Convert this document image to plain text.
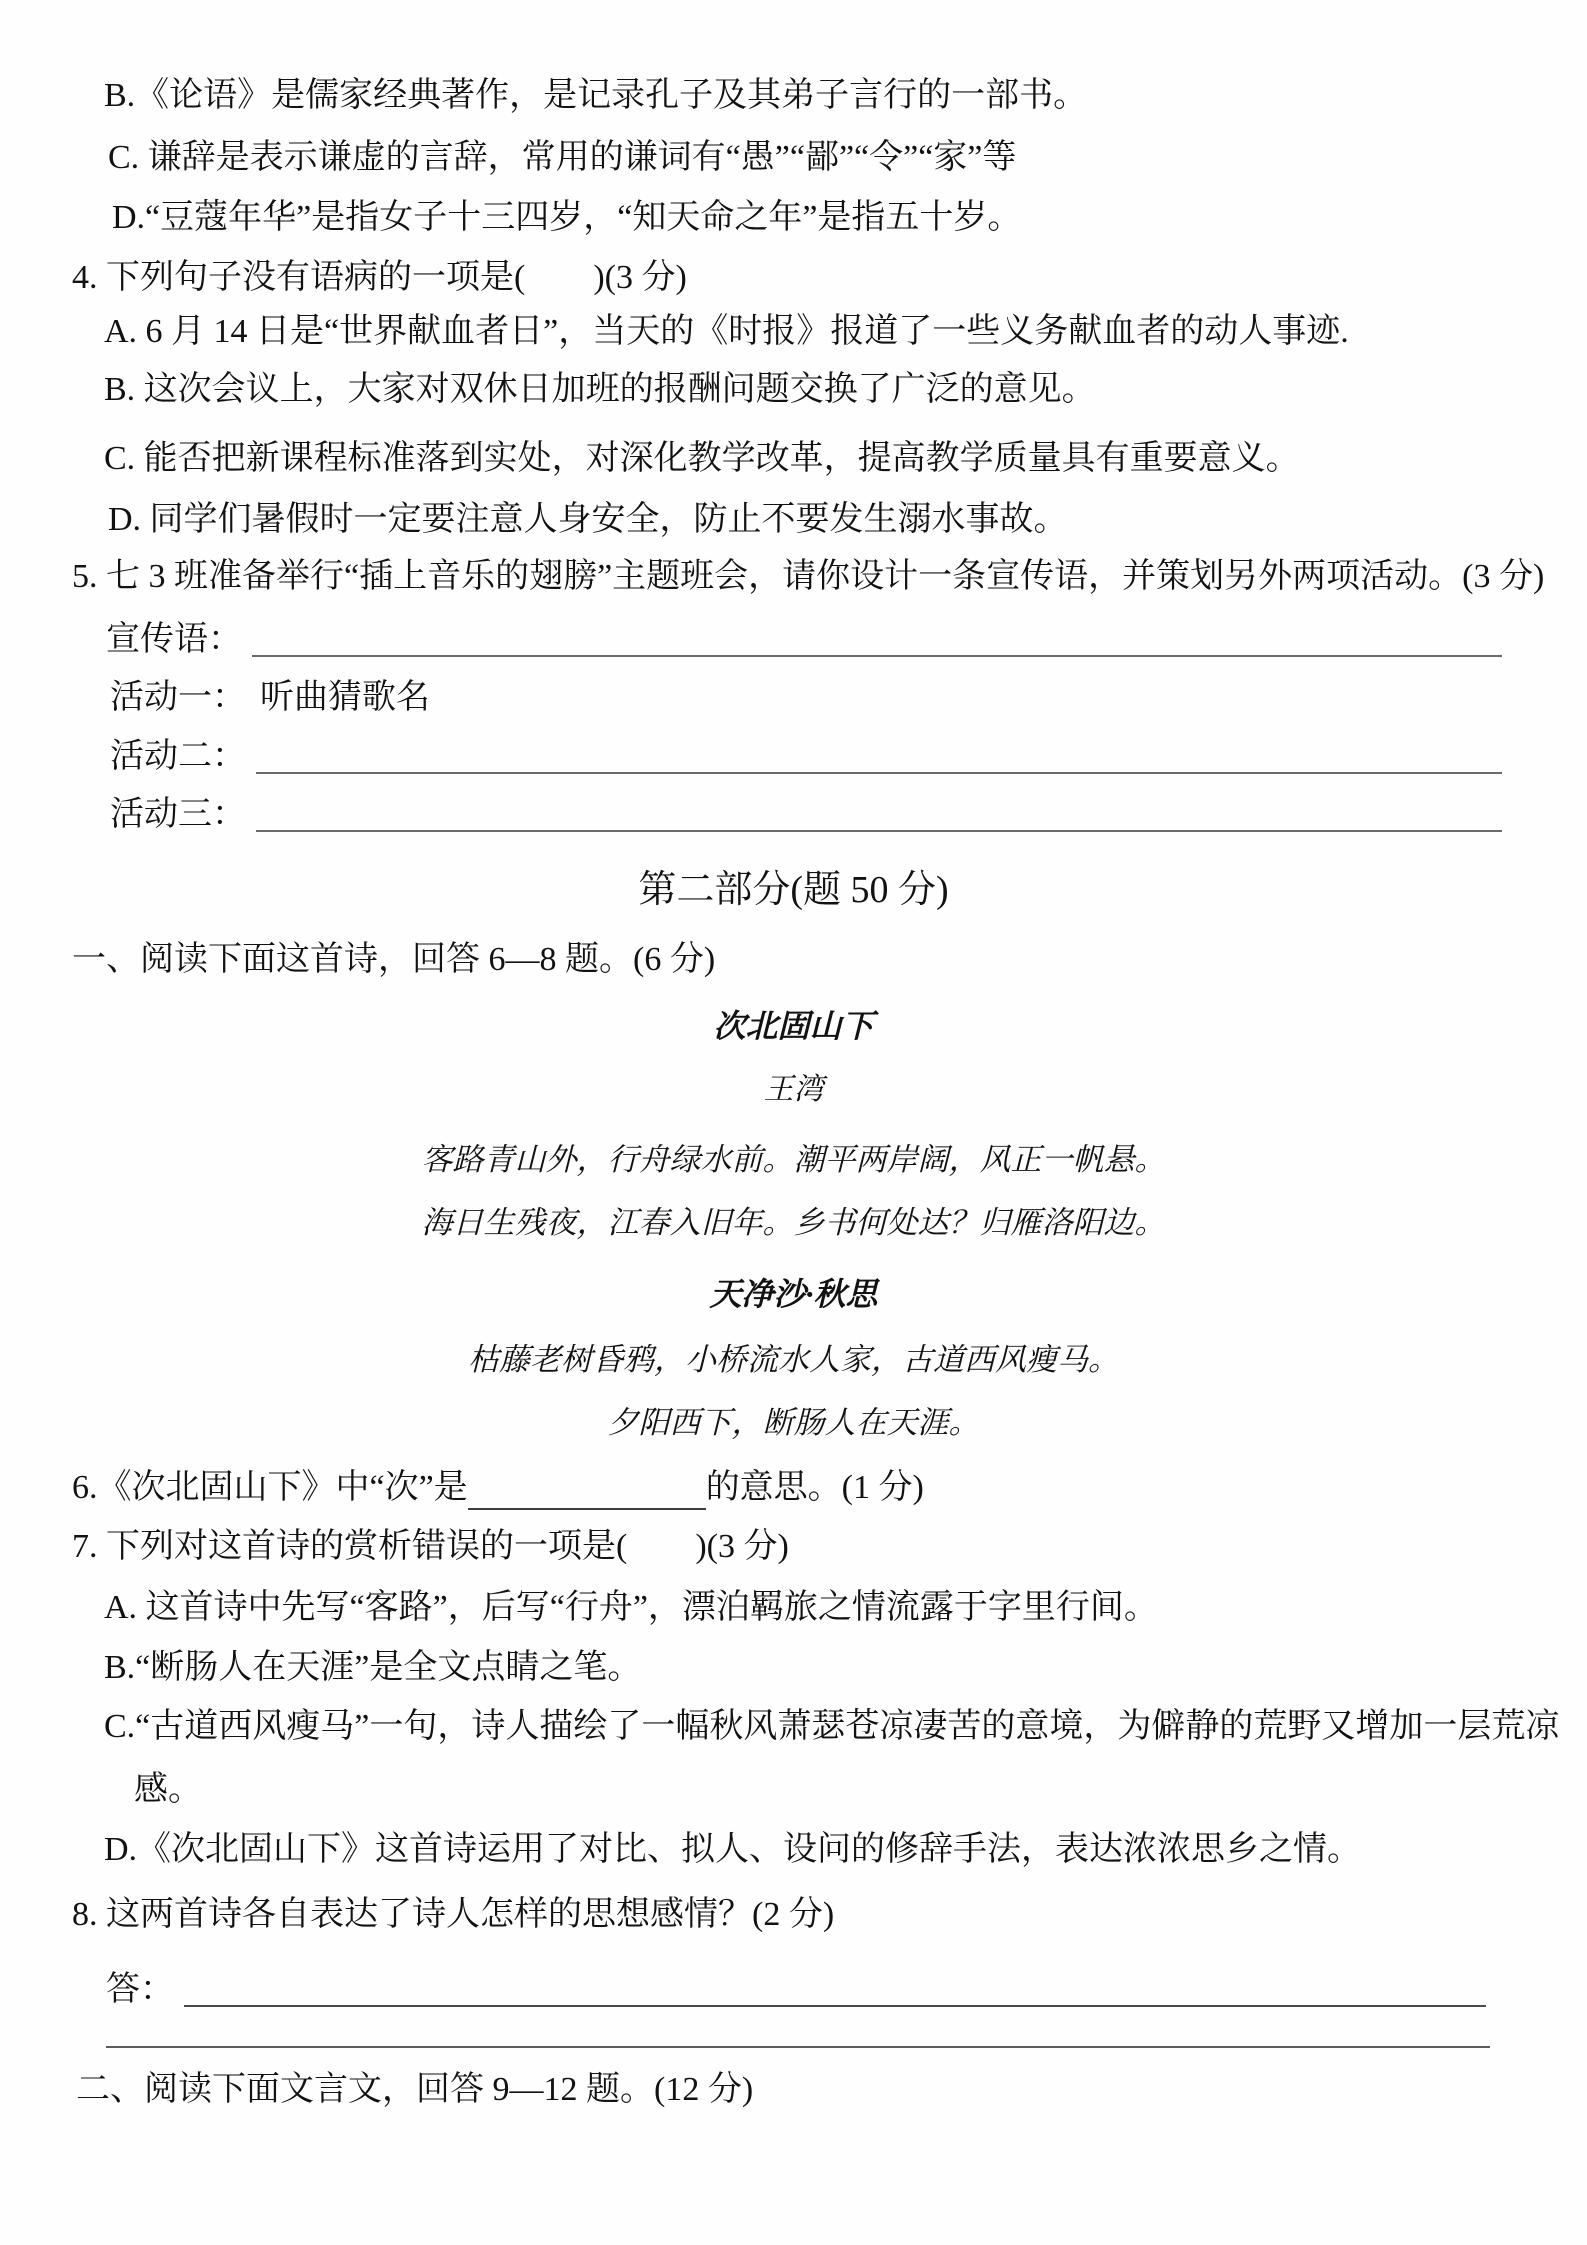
B.《论语》是儒家经典著作，是记录孔子及其弟子言行的一部书。
C. 谦辞是表示谦虚的言辞，常用的谦词有“愚”“鄙”“令”“家”等
D.“豆蔻年华”是指女子十三四岁，“知天命之年”是指五十岁。
4. 下列句子没有语病的一项是(　　)(3 分)
A. 6 月 14 日是“世界献血者日”，当天的《时报》报道了一些义务献血者的动人事迹.
B. 这次会议上，大家对双休日加班的报酬问题交换了广泛的意见。
C. 能否把新课程标准落到实处，对深化教学改革，提高教学质量具有重要意义。
D. 同学们暑假时一定要注意人身安全，防止不要发生溺水事故。
5. 七 3 班准备举行“插上音乐的翅膀”主题班会，请你设计一条宣传语，并策划另外两项活动。(3 分)
宣传语：
活动一： 听曲猜歌名
活动二：
活动三：
第二部分(题 50 分)
一、阅读下面这首诗，回答 6—8 题。(6 分)
次北固山下
王湾
客路青山外，行舟绿水前。潮平两岸阔，风正一帆悬。
海日生残夜，江春入旧年。乡书何处达？归雁洛阳边。
天净沙·秋思
枯藤老树昏鸦，小桥流水人家，古道西风瘦马。
夕阳西下，断肠人在天涯。
6.《次北固山下》中“次”是	的意思。(1 分)
7. 下列对这首诗的赏析错误的一项是(　　)(3 分)
A. 这首诗中先写“客路”，后写“行舟”，漂泊羁旅之情流露于字里行间。
B.“断肠人在天涯”是全文点睛之笔。
C.“古道西风瘦马”一句，诗人描绘了一幅秋风萧瑟苍凉凄苦的意境，为僻静的荒野又增加一层荒凉
感。
D.《次北固山下》这首诗运用了对比、拟人、设问的修辞手法，表达浓浓思乡之情。
8. 这两首诗各自表达了诗人怎样的思想感情？(2 分)
答：
二、阅读下面文言文，回答 9—12 题。(12 分)
